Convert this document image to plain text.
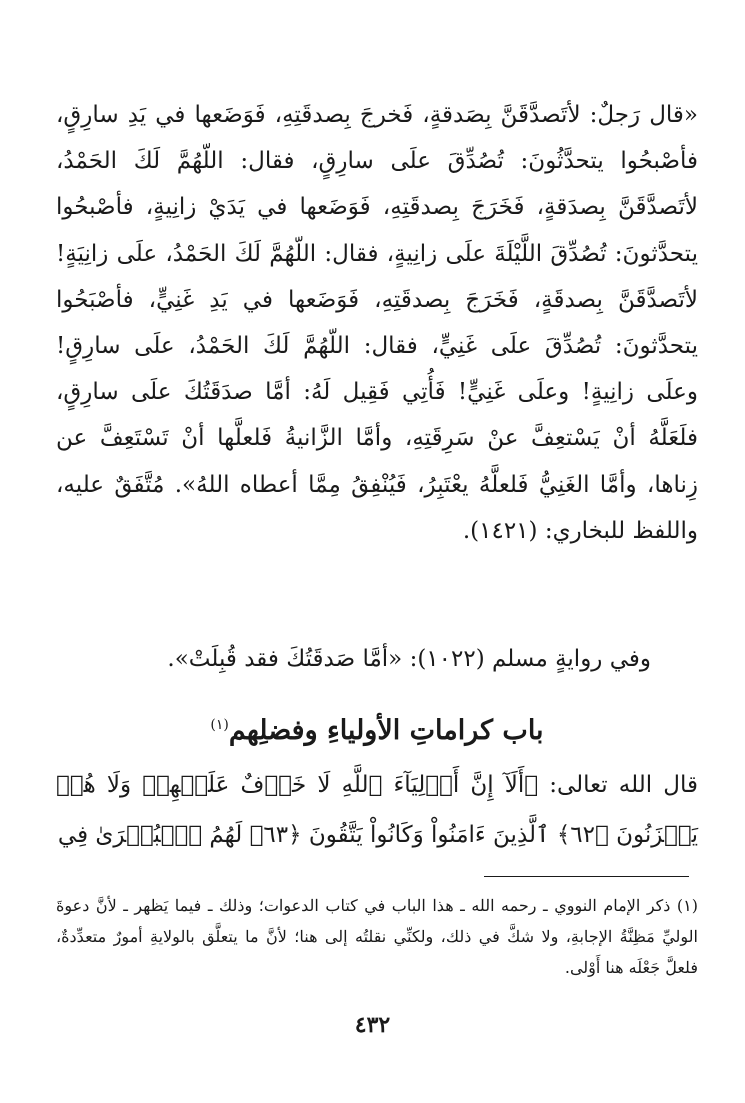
«قال رَجلٌ: لأتَصدَّقَنَّ بِصَدقةٍ، فَخرجَ بِصدقَتِهِ، فَوَضَعها في يَدِ سارِقٍ، فأصْبحُوا يتحدَّثُونَ: تُصُدِّقَ علَى سارِقٍ، فقال: اللّهُمَّ لَكَ الحَمْدُ، لأتَصدَّقَنَّ بِصدَقةٍ، فَخَرَجَ بِصدقَتِهِ، فَوَضَعها في يَدَيْ زانِيةٍ، فأصْبحُوا يتحدَّثونَ: تُصُدِّقَ اللَّيْلَةَ علَى زانِيةٍ، فقال: اللّهُمَّ لَكَ الحَمْدُ، علَى زانِيَةٍ! لأتَصدَّقَنَّ بِصدقَةٍ، فَخَرَجَ بِصدقَتِهِ، فَوَضَعها في يَدِ غَنِيٍّ، فأصْبَحُوا يتحدَّثونَ: تُصُدِّقَ علَى غَنِيٍّ، فقال: اللّهُمَّ لَكَ الحَمْدُ، علَى سارِقٍ! وعلَى زانِيةٍ! وعلَى غَنِيٍّ! فَأُتِي فَقِيل لَهُ: أمَّا صدَقَتُكَ علَى سارِقٍ، فلَعَلَّهُ أنْ يَسْتعِفَّ عنْ سَرِقَتِهِ، وأمَّا الزَّانيةُ فَلعلَّها أنْ تَسْتَعِفَّ عن زِناها، وأمَّا الغَنِيُّ فَلعلَّهُ يعْتَبِرُ، فَيُنْفِقُ مِمَّا أعطاه اللهُ». مُتَّفَقٌ عليه، واللفظ للبخاري: (١٤٢١).

وفي روايةٍ مسلم (١٠٢٢): «أمَّا صَدقَتُكَ فقد قُبِلَتْ».

باب كراماتِ الأولياءِ وفضلِهم$^{(١)}$

قال الله تعالى: ﴿أَلَآ إِنَّ أَوۡلِيَآءَ ٱللَّهِ لَا خَوۡفٌ عَلَيۡهِمۡ وَلَا هُمۡ يَحۡزَنُونَ ﴿٦٢﴾ ٱلَّذِينَ ءَامَنُواْ وَكَانُواْ يَتَّقُونَ ﴿٦٣﴾ لَهُمُ ٱلۡبُشۡرَىٰ فِي

(١) ذكر الإمام النووي ـ رحمه الله ـ هذا الباب في كتاب الدعوات؛ وذلك ـ فيما يَظهر ـ لأنَّ دعوةَ الوليِّ مَظِنَّةُ الإجابةِ، ولا شكَّ في ذلك، ولكنِّي نقلتُه إلى هنا؛ لأنَّ ما يتعلَّق بالولايةِ أمورٌ متعدِّدةٌ، فلعلَّ جَعْلَه هنا أَوْلى.

٤٣٢
